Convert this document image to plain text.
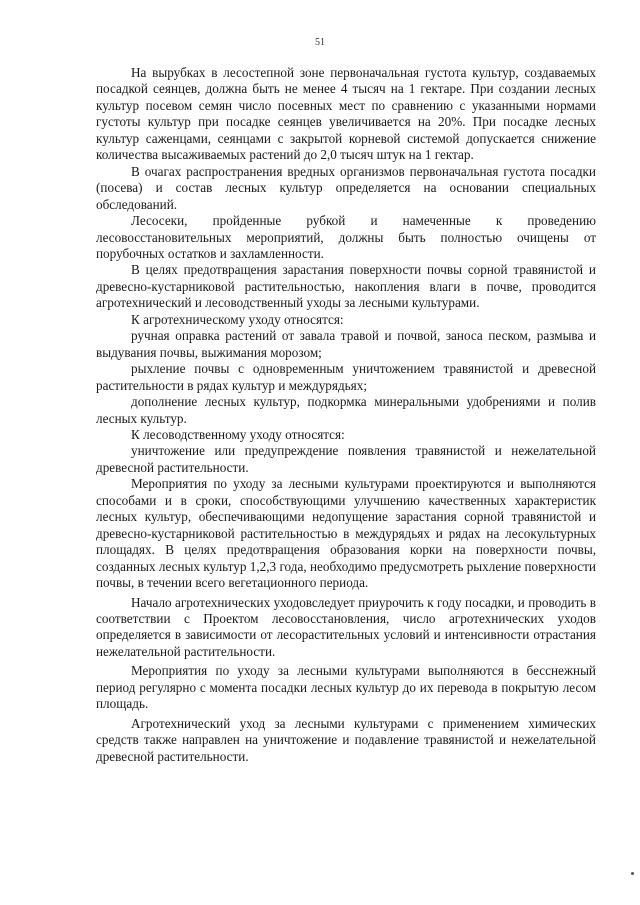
51

На вырубках в лесостепной зоне первоначальная густота культур, создаваемых посадкой сеянцев, должна быть не менее 4 тысяч на 1 гектаре. При создании лесных культур посевом семян число посевных мест по сравнению с указанными нормами густоты культур при посадке сеянцев увеличивается на 20%. При посадке лесных культур саженцами, сеянцами с закрытой корневой системой допускается снижение количества высаживаемых растений до 2,0 тысяч штук на 1 гектар.

В очагах распространения вредных организмов первоначальная густота посадки (посева) и состав лесных культур определяется на основании специальных обследований.

Лесосеки, пройденные рубкой и намеченные к проведению лесовосстановительных мероприятий, должны быть полностью очищены от порубочных остатков и захламленности.

В целях предотвращения зарастания поверхности почвы сорной травянистой и древесно-кустарниковой растительностью, накопления влаги в почве, проводится агротехнический и лесоводственный уходы за лесными культурами.

К агротехническому уходу относятся:

ручная оправка растений от завала травой и почвой, заноса песком, размыва и выдувания почвы, выжимания морозом;

рыхление почвы с одновременным уничтожением травянистой и древесной растительности в рядах культур и междурядьях;

дополнение лесных культур, подкормка минеральными удобрениями и полив лесных культур.

К лесоводственному уходу относятся:

уничтожение или предупреждение появления травянистой и нежелательной древесной растительности.

Мероприятия по уходу за лесными культурами проектируются и выполняются способами и в сроки, способствующими улучшению качественных характеристик лесных культур, обеспечивающими недопущение зарастания сорной травянистой и древесно-кустарниковой растительностью в междурядьях и рядах на лесокультурных площадях. В целях предотвращения образования корки на поверхности почвы, созданных лесных культур 1,2,3 года, необходимо предусмотреть рыхление поверхности почвы, в течении всего вегетационного периода.

Начало агротехнических уходовследует приурочить к году посадки, и проводить в соответствии с Проектом лесовосстановления, число агротехнических уходов определяется в зависимости от лесорастительных условий и интенсивности отрастания нежелательной растительности.

Мероприятия по уходу за лесными культурами выполняются в бесснежный период регулярно с момента посадки лесных культур до их перевода в покрытую лесом площадь.

Агротехнический уход за лесными культурами с применением химических средств также направлен на уничтожение и подавление травянистой и нежелательной древесной растительности.
